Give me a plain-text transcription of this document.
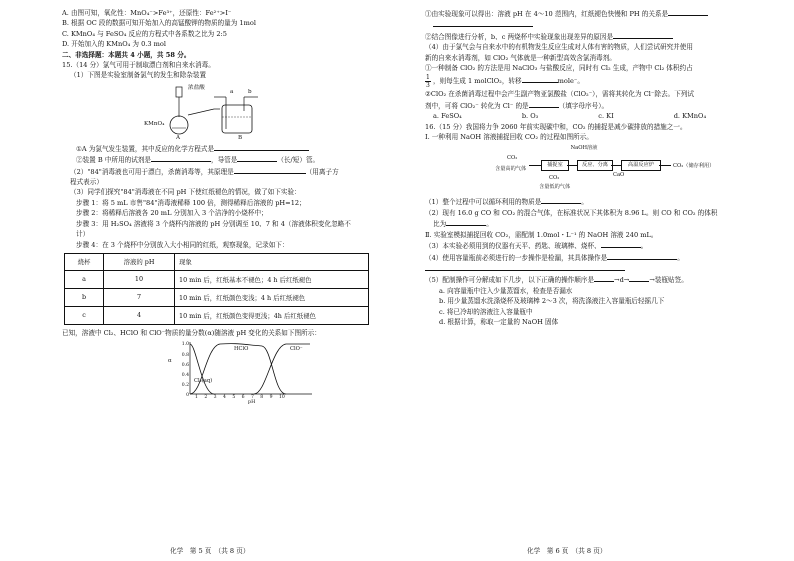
A. 由图可知，氧化性：MnO₄⁻>Fe³⁺，还原性：Fe²⁺>I⁻
B. 根据 OC 段的数据可知开始加入的高锰酸钾的物质的量为 1mol
C. KMnO₄ 与 FeSO₄ 反应的方程式中各系数之比为 2:5
D. 开始加入的 KMnO₄ 为 0.3 mol
二、非选择题：本题共 4 小题，共 58 分。
15.（14 分）氯气可用于制取漂白剂和自来水消毒。
（1）下图是实验室制备氯气的发生和除杂装置
浓盐酸
KMnO₄
a	b
A	B
①A 为氯气发生装置，其中反应的化学方程式是
②装置 B 中所用的试剂是	，导管是	（长/短）管。
（2）"84"消毒液也可用于漂白，杀菌消毒等，其原理是	（用离子方
程式表示）
（3）同学们探究"84"消毒液在不同 pH 下使红纸褪色的情况，做了如下实验：
步骤 1：将 5 mL 市售"84"消毒液稀释 100 倍，测得稀释后溶液的 pH=12；
步骤 2：将稀释后溶液各 20 mL 分别加入 3 个洁净的小烧杯中；
步骤 3：用 H₂SO₄ 溶液将 3 个烧杯内溶液的 pH 分别调至 10、7 和 4（溶液体积变化忽略不
计）
步骤 4：在 3 个烧杯中分别放入大小相同的红纸，观察现象，记录如下：
烧杯	溶液的 pH	现象
a	10	10 min 后，红纸基本不褪色；4 h 后红纸褪色
b	7	10 min 后，红纸颜色变浅；4 h 后红纸褪色
c	4	10 min 后，红纸颜色变得更浅；4h 后红纸褪色
已知，溶液中 Cl₂、HClO 和 ClO⁻物质的量分数(α)随溶液 pH 变化的关系如下图所示：
α
1.0
0.8
0.6
0.4
0.2
0 1 2 3 4 5 6 7 8 9 10
pH
HClO	ClO⁻
Cl₂(aq)
化学　第 5 页　（共 8 页）
①由实验现象可以得出：溶液 pH 在 4～10 范围内，红纸褪色快慢和 PH 的关系是
②结合图像进行分析，b、c 两烧杯中实验现象出现差异的原因是
（4）由于氯气会与自来水中的有机物发生反应生成对人体有害的物质，人们尝试研究并使用
新的自来水消毒剂，如 ClO₂ 气体就是一种新型高效含氯消毒剂。
①一种制备 ClO₂ 的方法是用 NaClO₃ 与盐酸反应，同时有 Cl₂ 生成，产物中 Cl₂ 体积约占
$\frac{1}{3}$ ，则每生成 1 molClO₂，转移	mole⁻。
②ClO₂ 在杀菌消毒过程中会产生副产物亚氯酸盐（ClO₂⁻），需将其转化为 Cl⁻除去。下列试
剂中，可将 ClO₂⁻ 转化为 Cl⁻ 的是	（填字母序号）。
a. FeSO₄	b. O₃	c. KI	d. KMnO₄
16.（15 分）我国将力争 2060 年前实现碳中和，CO₂ 的捕捉是减少碳排放的措施之一。
Ⅰ. 一种利用 NaOH 溶液捕捉回收 CO₂ 的过程如图所示。
NaOH溶液
CO₂
含量高的气体
捕捉室	反应、分离	高温反应炉	CO₂（储存利用）
CaO
CO₂
含量低的气体
（1）整个过程中可以循环利用的物质是	。
（2）现有 16.0 g CO 和 CO₂ 的混合气体，在标准状况下其体积为 8.96 L。则 CO 和 CO₂ 的体积
比为	。
Ⅱ. 实验室模拟捕捉回收 CO₂，需配制 1.0mol・L⁻¹ 的 NaOH 溶液 240 mL。
（3）本实验必须用到的仪器有天平、药匙、玻璃棒、烧杯、	。
（4）使用容量瓶前必须进行的一步操作是检漏，其具体操作是	。
（5）配制操作可分解成如下几步，以下正确的操作顺序是	→d→	→装瓶贴签。
a. 向容量瓶中注入少量蒸馏水，检查是否漏水
b. 用少量蒸馏水洗涤烧杯及玻璃棒 2～3 次，将洗涤液注入容量瓶后轻摇几下
c. 将已冷却的溶液注入容量瓶中
d. 根据计算，称取一定量的 NaOH 固体
化学　第 6 页　（共 8 页）
